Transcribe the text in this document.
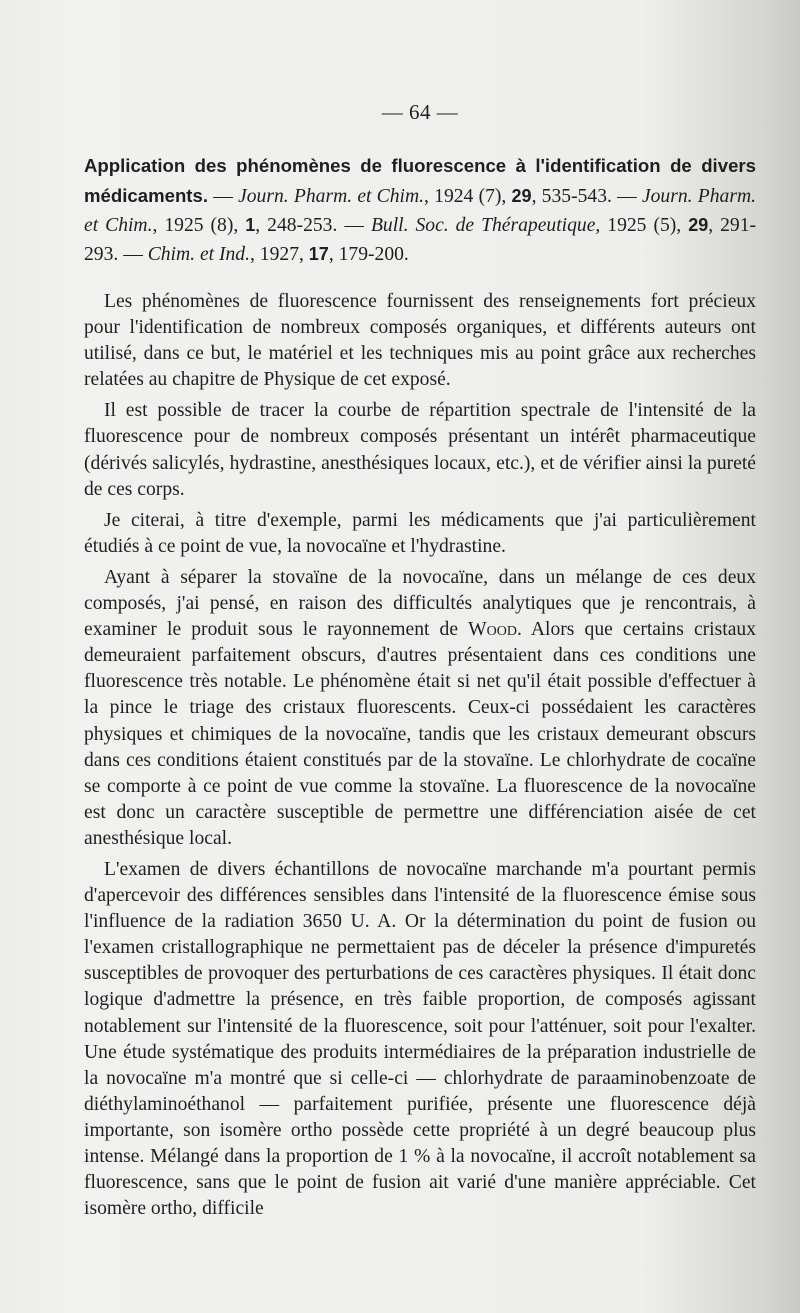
— 64 —

Application des phénomènes de fluorescence à l'identification de divers médicaments. — Journ. Pharm. et Chim., 1924 (7), 29, 535-543. — Journ. Pharm. et Chim., 1925 (8), 1, 248-253. — Bull. Soc. de Thérapeutique, 1925 (5), 29, 291-293. — Chim. et Ind., 1927, 17, 179-200.

Les phénomènes de fluorescence fournissent des renseignements fort précieux pour l'identification de nombreux composés organiques, et différents auteurs ont utilisé, dans ce but, le matériel et les techniques mis au point grâce aux recherches relatées au chapitre de Physique de cet exposé.

Il est possible de tracer la courbe de répartition spectrale de l'intensité de la fluorescence pour de nombreux composés présentant un intérêt pharmaceutique (dérivés salicylés, hydrastine, anesthésiques locaux, etc.), et de vérifier ainsi la pureté de ces corps.

Je citerai, à titre d'exemple, parmi les médicaments que j'ai particulièrement étudiés à ce point de vue, la novocaïne et l'hydrastine.

Ayant à séparer la stovaïne de la novocaïne, dans un mélange de ces deux composés, j'ai pensé, en raison des difficultés analytiques que je rencontrais, à examiner le produit sous le rayonnement de Wood. Alors que certains cristaux demeuraient parfaitement obscurs, d'autres présentaient dans ces conditions une fluorescence très notable. Le phénomène était si net qu'il était possible d'effectuer à la pince le triage des cristaux fluorescents. Ceux-ci possédaient les caractères physiques et chimiques de la novocaïne, tandis que les cristaux demeurant obscurs dans ces conditions étaient constitués par de la stovaïne. Le chlorhydrate de cocaïne se comporte à ce point de vue comme la stovaïne. La fluorescence de la novocaïne est donc un caractère susceptible de permettre une différenciation aisée de cet anesthésique local.

L'examen de divers échantillons de novocaïne marchande m'a pourtant permis d'apercevoir des différences sensibles dans l'intensité de la fluorescence émise sous l'influence de la radiation 3650 U. A. Or la détermination du point de fusion ou l'examen cristallographique ne permettaient pas de déceler la présence d'impuretés susceptibles de provoquer des perturbations de ces caractères physiques. Il était donc logique d'admettre la présence, en très faible proportion, de composés agissant notablement sur l'intensité de la fluorescence, soit pour l'atténuer, soit pour l'exalter. Une étude systématique des produits intermédiaires de la préparation industrielle de la novocaïne m'a montré que si celle-ci — chlorhydrate de paraaminobenzoate de diéthylaminoéthanol — parfaitement purifiée, présente une fluorescence déjà importante, son isomère ortho possède cette propriété à un degré beaucoup plus intense. Mélangé dans la proportion de 1 % à la novocaïne, il accroît notablement sa fluorescence, sans que le point de fusion ait varié d'une manière appréciable. Cet isomère ortho, difficile
